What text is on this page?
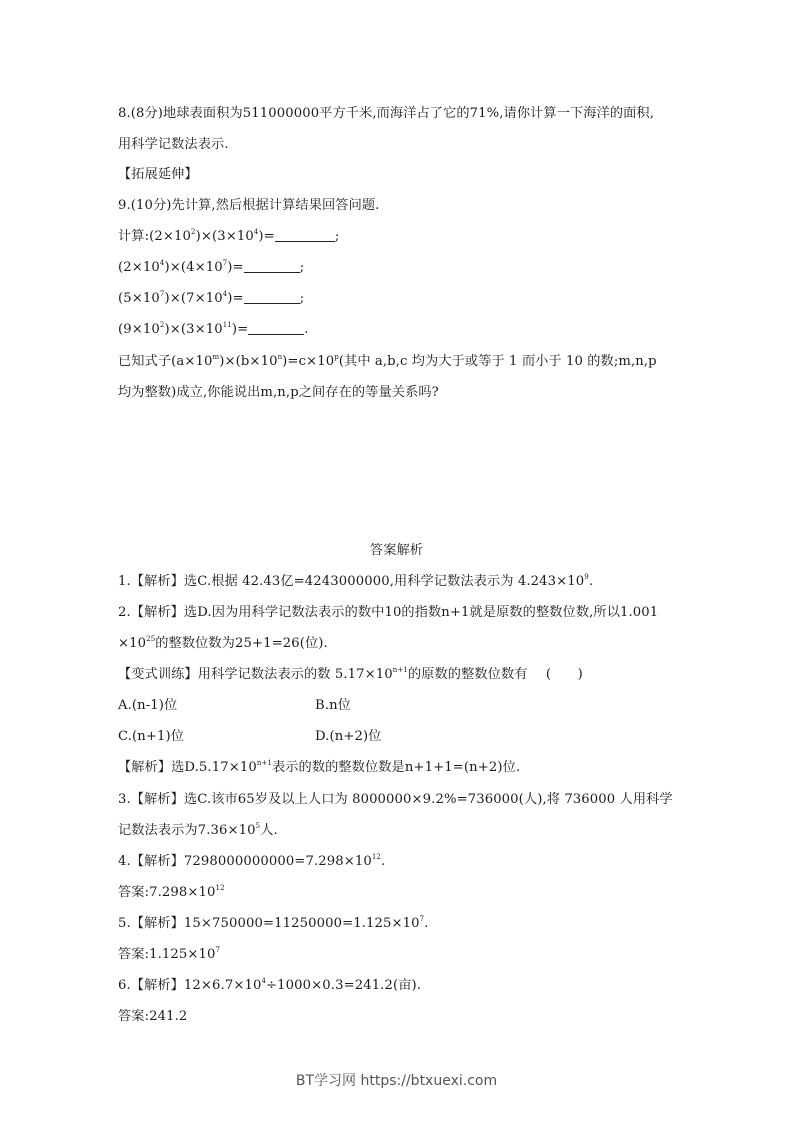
8.(8分)地球表面积为511000000平方千米,而海洋占了它的71%,请你计算一下海洋的面积,
用科学记数法表示.
【拓展延伸】
9.(10分)先计算,然后根据计算结果回答问题.
计算$:(2\times 10^2)\times(3\times 10^4)=$	;
$(2\times 10^4)\times(4\times 10^7)=$	;
$(5\times 10^7)\times(7\times 10^4)=$	;
$(9\times 10^2)\times(3\times 10^{11})=$	.
已知式子$(a\times 10^m)\times(b\times 10^n)=c\times 10^p$(其中 a,b,c 均为大于或等于 1 而小于 10 的数;m,n,p
均为整数)成立,你能说出m,n,p之间存在的等量关系吗?
答案解析
1.【解析】选C.根据 42.43亿=4243000000,用科学记数法表示为 $4.243\times 10^9$.
2.【解析】选D.因为用科学记数法表示的数中10的指数n+1就是原数的整数位数,所以1.001
$\times 10^{25}$的整数位数为25+1=26(位).
【变式训练】用科学记数法表示的数 $5.17\times 10^{n+1}$的原数的整数位数有 (　　)
A.(n-1)位	B.n位
C.(n+1)位	D.(n+2)位
【解析】选$D.5.17\times 10^{n+1}$表示的数的整数位数是n+1+1=(n+2)位.
3.【解析】选C.该市65岁及以上人口为 8000000×9.2%=736000(人),将 736000 人用科学
记数法表示为$7.36\times 10^5$人.
4.【解析】$7298000000000=7.298\times 10^{12}$.
答案$:7.298\times 10^{12}$
5.【解析】$15\times 750000=11250000=1.125\times 10^7$.
答案$:1.125\times 10^7$
6.【解析】$12\times 6.7\times 10^4\div 1000\times 0.3=241.2$(亩).
答案:241.2
BT学习网 https://btxuexi.com
